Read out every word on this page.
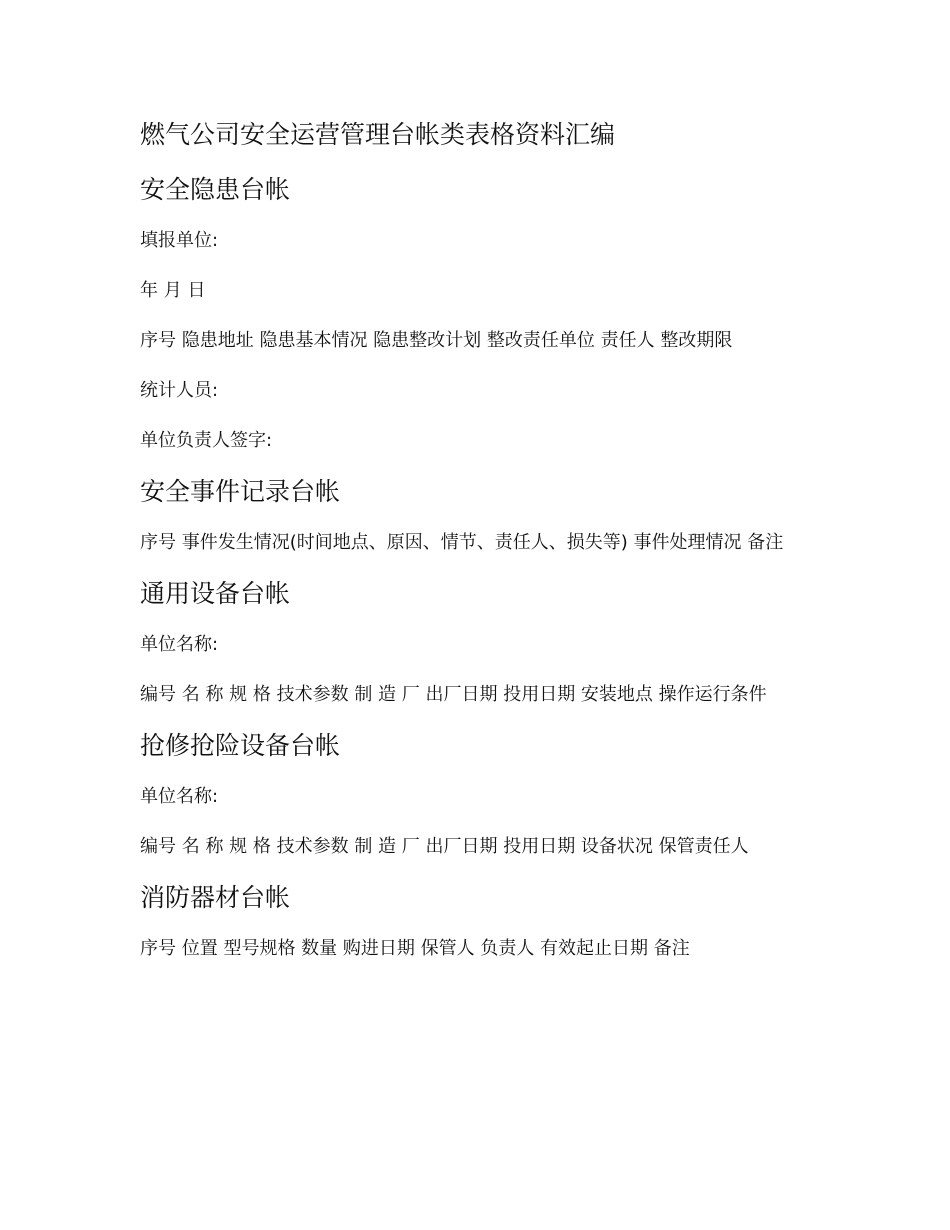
燃气公司安全运营管理台帐类表格资料汇编
安全隐患台帐

填报单位:

年 月 日

序号 隐患地址 隐患基本情况 隐患整改计划 整改责任单位 责任人 整改期限

统计人员:

单位负责人签字:

安全事件记录台帐

序号 事件发生情况(时间地点、原因、情节、责任人、损失等) 事件处理情况 备注

通用设备台帐

单位名称:

编号 名 称 规 格 技术参数 制 造 厂 出厂日期 投用日期 安装地点 操作运行条件

抢修抢险设备台帐

单位名称:

编号 名 称 规 格 技术参数 制 造 厂 出厂日期 投用日期 设备状况 保管责任人

消防器材台帐

序号 位置 型号规格 数量 购进日期 保管人 负责人 有效起止日期 备注
